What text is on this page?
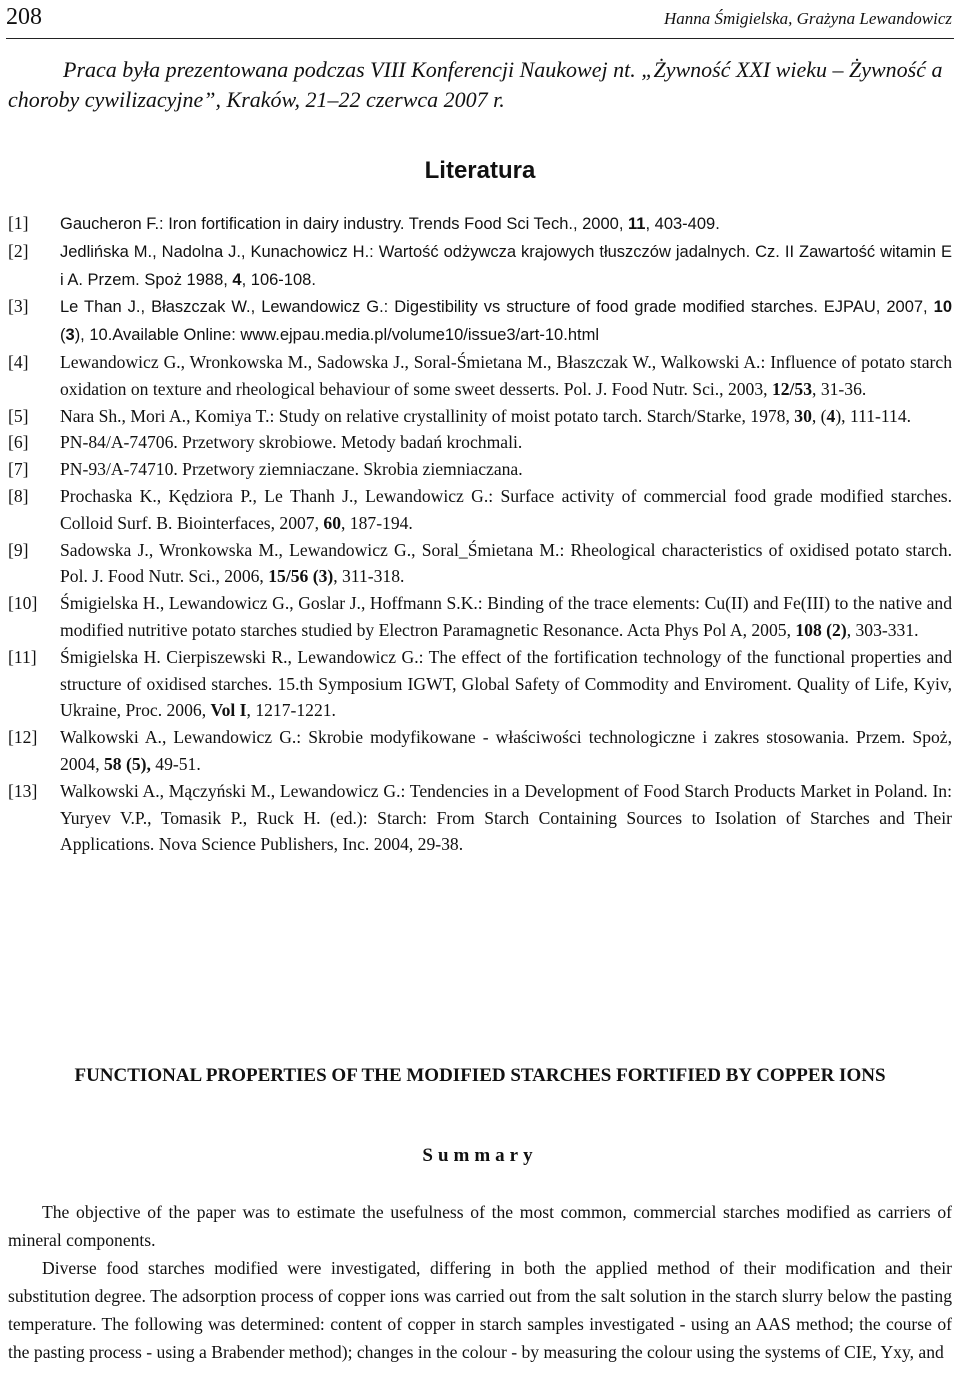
208	Hanna Śmigielska, Grażyna Lewandowicz

Praca była prezentowana podczas VIII Konferencji Naukowej nt. „Żywność XXI wieku – Żywność a choroby cywilizacyjne”, Kraków, 21–22 czerwca 2007 r.

Literatura
[1] Gaucheron F.: Iron fortification in dairy industry. Trends Food Sci Tech., 2000, 11, 403-409.
[2] Jedlińska M., Nadolna J., Kunachowicz H.: Wartość odżywcza krajowych tłuszczów jadalnych. Cz. II Zawartość witamin E i A. Przem. Spoż 1988, 4, 106-108.
[3] Le Than J., Błaszczak W., Lewandowicz G.: Digestibility vs structure of food grade modified starches. EJPAU, 2007, 10 (3), 10.Available Online: www.ejpau.media.pl/volume10/issue3/art-10.html
[4] Lewandowicz G., Wronkowska M., Sadowska J., Soral-Śmietana M., Błaszczak W., Walkowski A.: Influence of potato starch oxidation on texture and rheological behaviour of some sweet desserts. Pol. J. Food Nutr. Sci., 2003, 12/53, 31-36.
[5] Nara Sh., Mori A., Komiya T.: Study on relative crystallinity of moist potato tarch. Starch/Starke, 1978, 30, (4), 111-114.
[6] PN-84/A-74706. Przetwory skrobiowe. Metody badań krochmali.
[7] PN-93/A-74710. Przetwory ziemniaczane. Skrobia ziemniaczana.
[8] Prochaska K., Kędziora P., Le Thanh J., Lewandowicz G.: Surface activity of commercial food grade modified starches. Colloid Surf. B. Biointerfaces, 2007, 60, 187-194.
[9] Sadowska J., Wronkowska M., Lewandowicz G., Soral_Śmietana M.: Rheological characteristics of oxidised potato starch. Pol. J. Food Nutr. Sci., 2006, 15/56 (3), 311-318.
[10] Śmigielska H., Lewandowicz G., Goslar J., Hoffmann S.K.: Binding of the trace elements: Cu(II) and Fe(III) to the native and modified nutritive potato starches studied by Electron Paramagnetic Resonance. Acta Phys Pol A, 2005, 108 (2), 303-331.
[11] Śmigielska H. Cierpiszewski R., Lewandowicz G.: The effect of the fortification technology of the functional properties and structure of oxidised starches. 15.th Symposium IGWT, Global Safety of Commodity and Enviroment. Quality of Life, Kyiv, Ukraine, Proc. 2006, Vol I, 1217-1221.
[12] Walkowski A., Lewandowicz G.: Skrobie modyfikowane - właściwości technologiczne i zakres stosowania. Przem. Spoż, 2004, 58 (5), 49-51.
[13] Walkowski A., Mączyński M., Lewandowicz G.: Tendencies in a Development of Food Starch Products Market in Poland. In: Yuryev V.P., Tomasik P., Ruck H. (ed.): Starch: From Starch Containing Sources to Isolation of Starches and Their Applications. Nova Science Publishers, Inc. 2004, 29-38.
FUNCTIONAL PROPERTIES OF THE MODIFIED STARCHES FORTIFIED BY COPPER IONS
Summary

The objective of the paper was to estimate the usefulness of the most common, commercial starches modified as carriers of mineral components.

Diverse food starches modified were investigated, differing in both the applied method of their modification and their substitution degree. The adsorption process of copper ions was carried out from the salt solution in the starch slurry below the pasting temperature. The following was determined: content of copper in starch samples investigated - using an AAS method; the course of the pasting process - using a Brabender method); changes in the colour - by measuring the colour using the systems of CIE, Yxy, and
